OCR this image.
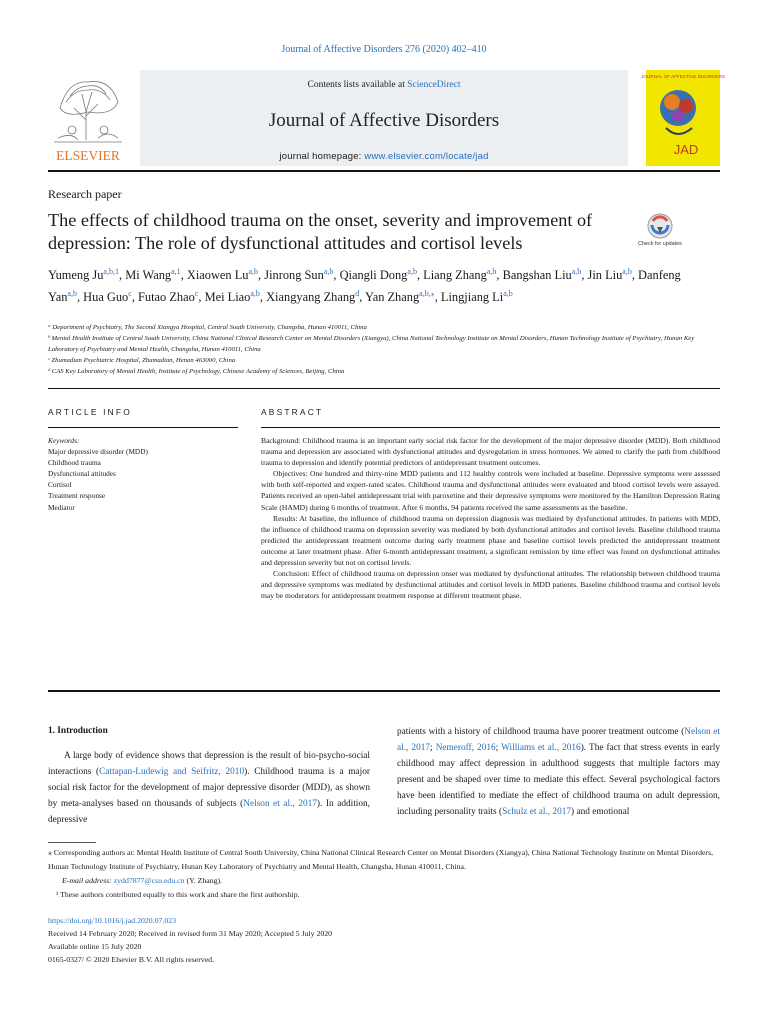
Journal of Affective Disorders 276 (2020) 402–410
ELSEVIER
Contents lists available at ScienceDirect
Journal of Affective Disorders
journal homepage: www.elsevier.com/locate/jad
JOURNAL OF AFFECTIVE DISORDERS
JAD
Research paper
The effects of childhood trauma on the onset, severity and improvement of depression: The role of dysfunctional attitudes and cortisol levels	Check for updates
Yumeng Ju$^{a,b,1}$, Mi Wang$^{a,1}$, Xiaowen Lu$^{a,b}$, Jinrong Sun$^{a,b}$, Qiangli Dong$^{a,b}$, Liang Zhang$^{a,b}$, Bangshan Liu$^{a,b}$, Jin Liu$^{a,b}$, Danfeng Yan$^{a,b}$, Hua Guo$^c$, Futao Zhao$^c$, Mei Liao$^{a,b}$, Xiangyang Zhang$^d$, Yan Zhang$^{a,b,⁎}$, Lingjiang Li$^{a,b}$

ᵃ Department of Psychiatry, The Second Xiangya Hospital, Central South University, Changsha, Hunan 410011, China

ᵇ Mental Health Institute of Central South University, China National Clinical Research Center on Mental Disorders (Xiangya), China National Technology Institute on Mental Disorders, Hunan Technology Institute of Psychiatry, Hunan Key Laboratory of Psychiatry and Mental Health, Changsha, Hunan 410011, China

ᶜ Zhumadian Psychiatric Hospital, Zhumadian, Henan 463000, China

ᵈ CAS Key Laboratory of Mental Health, Institute of Psychology, Chinese Academy of Sciences, Beijing, China

ARTICLE INFO	ABSTRACT

Keywords:

Major depressive disorder (MDD)

Childhood trauma

Dysfunctional attitudes

Cortisol

Treatment response

Mediator

Background: Childhood trauma is an important early social risk factor for the development of the major depressive disorder (MDD). Both childhood trauma and depression are associated with dysfunctional attitudes and dysregulation in stress hormones. We aimed to clarify the path from childhood trauma to depression and identify potential predictors of antidepressant treatment outcomes.

Objectives: One hundred and thirty-nine MDD patients and 112 healthy controls were included at baseline. Depressive symptoms were assessed with both self-reported and expert-rated scales. Childhood trauma and dysfunctional attitudes were evaluated and blood cortisol levels were assayed. Patients received an open-label antidepressant trial with paroxetine and their depressive symptoms were monitored by the Hamilton Depression Rating Scale (HAMD) during 6 months of treatment. After 6 months, 94 patients received the same assessments as the baseline.

Results: At baseline, the influence of childhood trauma on depression diagnosis was mediated by dysfunctional attitudes. In patients with MDD, the influence of childhood trauma on depression severity was mediated by both dysfunctional attitudes and cortisol levels. Baseline childhood trauma predicted the antidepressant treatment outcome during early treatment phase and baseline cortisol levels predicted the antidepressant treatment outcome at later treatment phase. After 6-month antidepressant treatment, a significant remission by time effect was found on dysfunctional attitudes and depression severity but not on cortisol levels.

Conclusion: Effect of childhood trauma on depression onset was mediated by dysfunctional attitudes. The relationship between childhood trauma and depressive symptoms was mediated by dysfunctional attitudes and cortisol levels in MDD patients. Baseline childhood trauma and cortisol levels may be moderators for antidepressant treatment response at different treatment phase.

1. Introduction

A large body of evidence shows that depression is the result of bio-psycho-social interactions (Cattapan-Ludewig and Seifritz, 2010). Childhood trauma is a major social risk factor for the development of major depressive disorder (MDD), as shown by meta-analyses based on thousands of subjects (Nelson et al., 2017). In addition, depressive

patients with a history of childhood trauma have poorer treatment outcome (Nelson et al., 2017; Nemeroff, 2016; Williams et al., 2016). The fact that stress events in early childhood may affect depression in adulthood suggests that multiple factors may present and be shaped over time to mediate this effect. Several psychological factors have been identified to mediate the effect of childhood trauma on adult depression, including personality traits (Schulz et al., 2017) and emotional

⁎ Corresponding authors at: Mental Health Institute of Central South University, China National Clinical Research Center on Mental Disorders (Xiangya), China National Technology Institute on Mental Disorders, Hunan Technology Institute of Psychiatry, Hunan Key Laboratory of Psychiatry and Mental Health, Changsha, Hunan 410011, China.

E-mail address: zydd7877@csu.edu.cn (Y. Zhang).

¹ These authors contributed equally to this work and share the first authorship.

https://doi.org/10.1016/j.jad.2020.07.023

Received 14 February 2020; Received in revised form 31 May 2020; Accepted 5 July 2020

Available online 15 July 2020

0165-0327/ © 2020 Elsevier B.V. All rights reserved.
